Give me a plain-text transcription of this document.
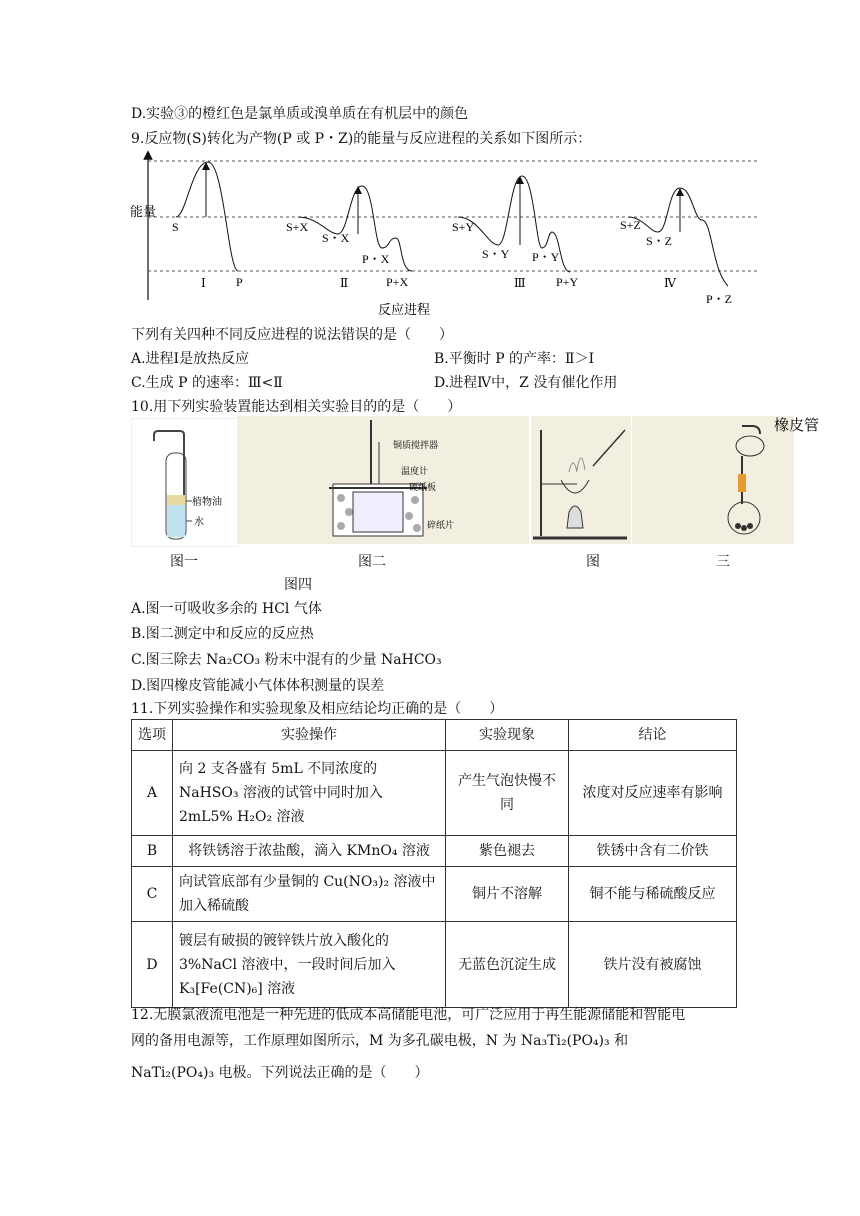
D.实验③的橙红色是氯单质或溴单质在有机层中的颜色
9.反应物(S)转化为产物(P 或 P・Z)的能量与反应进程的关系如下图所示：
能量
S
P
S+X
S・X
P・X
P+X
S+Y
S・Y P・Y
P+Y
S+Z
S・Z
P・Z
Ⅰ	Ⅱ	Ⅲ	Ⅳ
反应进程
下列有关四种不同反应进程的说法错误的是（　　）
A.进程Ⅰ是放热反应	B.平衡时 P 的产率：Ⅱ＞Ⅰ
C.生成 P 的速率：Ⅲ<Ⅱ	D.进程Ⅳ中，Z 没有催化作用
10.用下列实验装置能达到相关实验目的的是（　　）
植物油
水
铜质搅拌器
温度计
硬纸板
碎纸片
橡皮管
图一	图二	图	三
图四
A.图一可吸收多余的 HCl 气体
B.图二测定中和反应的反应热
C.图三除去 Na₂CO₃ 粉末中混有的少量 NaHCO₃
D.图四橡皮管能减小气体体积测量的误差
11.下列实验操作和实验现象及相应结论均正确的是（　　）
选项	实验操作	实验现象	结论
A	向 2 支各盛有 5mL 不同浓度的 NaHSO₃ 溶液的试管中同时加入 2mL5% H₂O₂ 溶液	产生气泡快慢不同	浓度对反应速率有影响
B	将铁锈溶于浓盐酸，滴入 KMnO₄ 溶液	紫色褪去	铁锈中含有二价铁
C	向试管底部有少量铜的 Cu(NO₃)₂ 溶液中加入稀硫酸	铜片不溶解	铜不能与稀硫酸反应
D	镀层有破损的镀锌铁片放入酸化的 3%NaCl 溶液中，一段时间后加入 K₃[Fe(CN)₆] 溶液	无蓝色沉淀生成	铁片没有被腐蚀
12.无膜氯液流电池是一种先进的低成本高储能电池，可广泛应用于再生能源储能和智能电
网的备用电源等，工作原理如图所示，M 为多孔碳电极，N 为 Na₃Ti₂(PO₄)₃ 和
NaTi₂(PO₄)₃ 电极。下列说法正确的是（　　）
